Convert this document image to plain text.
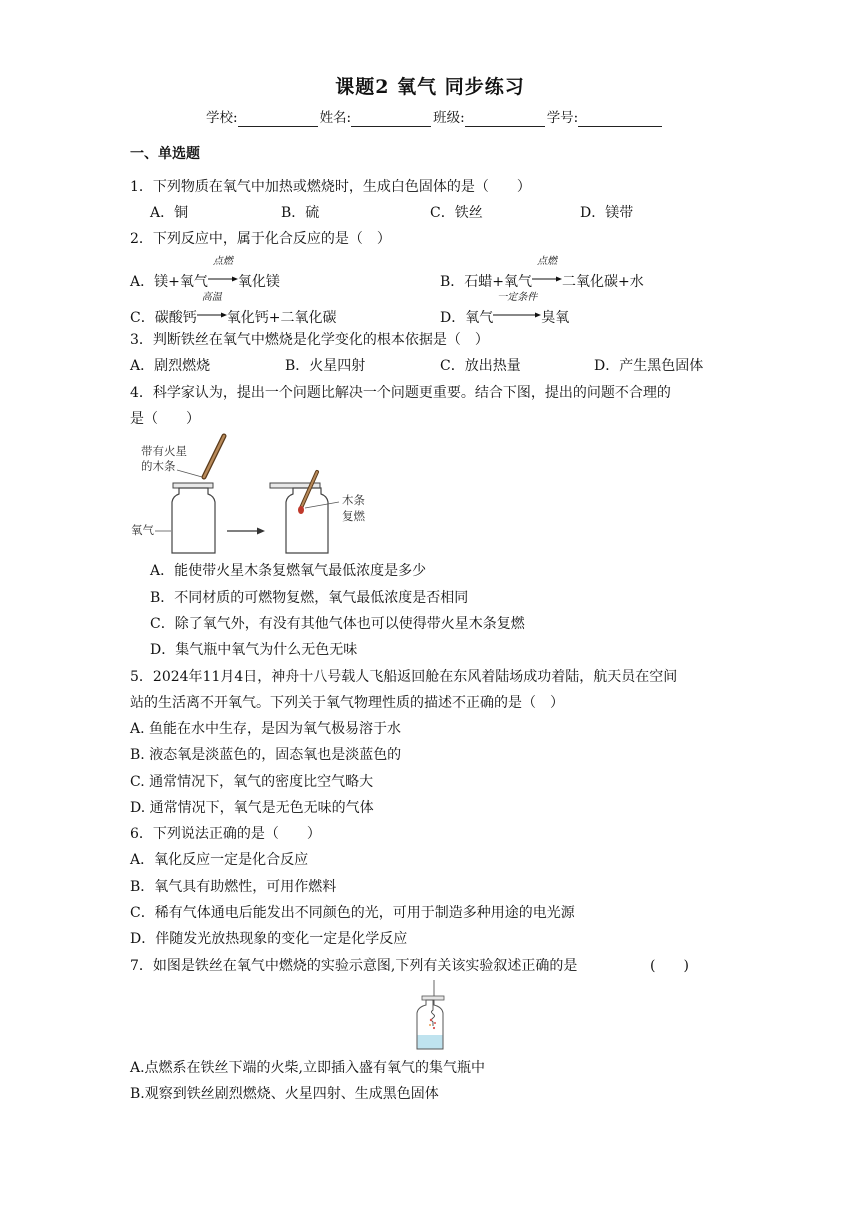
课题2 氧气 同步练习
学校:	姓名:	班级:	学号:
一、单选题
1．下列物质在氧气中加热或燃烧时，生成白色固体的是（　　）
A．铜	B．硫	C．铁丝	D．镁带
2．下列反应中，属于化合反应的是（　）
A．镁+氧气
点燃
氧化镁	B．石蜡+氧气
点燃
二氧化碳+水
C．碳酸钙
高温
氧化钙+二氧化碳	D．氧气
一定条件
臭氧
3．判断铁丝在氧气中燃烧是化学变化的根本依据是（　）
A．剧烈燃烧	B．火星四射	C．放出热量	D．产生黑色固体
4．科学家认为，提出一个问题比解决一个问题更重要。结合下图，提出的问题不合理的
是（　　）
带有火星
的木条
氧气
木条
复燃
A．能使带火星木条复燃氧气最低浓度是多少
B．不同材质的可燃物复燃，氧气最低浓度是否相同
C．除了氧气外，有没有其他气体也可以使得带火星木条复燃
D．集气瓶中氧气为什么无色无味
5．2024年11月4日，神舟十八号载人飞船返回舱在东风着陆场成功着陆，航天员在空间
站的生活离不开氧气。下列关于氧气物理性质的描述不正确的是（　）
A. 鱼能在水中生存，是因为氧气极易溶于水
B. 液态氧是淡蓝色的，固态氧也是淡蓝色的
C. 通常情况下，氧气的密度比空气略大
D. 通常情况下，氧气是无色无味的气体
6．下列说法正确的是（　　）
A．氧化反应一定是化合反应
B．氧气具有助燃性，可用作燃料
C．稀有气体通电后能发出不同颜色的光，可用于制造多种用途的电光源
D．伴随发光放热现象的变化一定是化学反应
7．如图是铁丝在氧气中燃烧的实验示意图,下列有关该实验叙述正确的是	(　　)
A.点燃系在铁丝下端的火柴,立即插入盛有氧气的集气瓶中
B.观察到铁丝剧烈燃烧、火星四射、生成黑色固体
